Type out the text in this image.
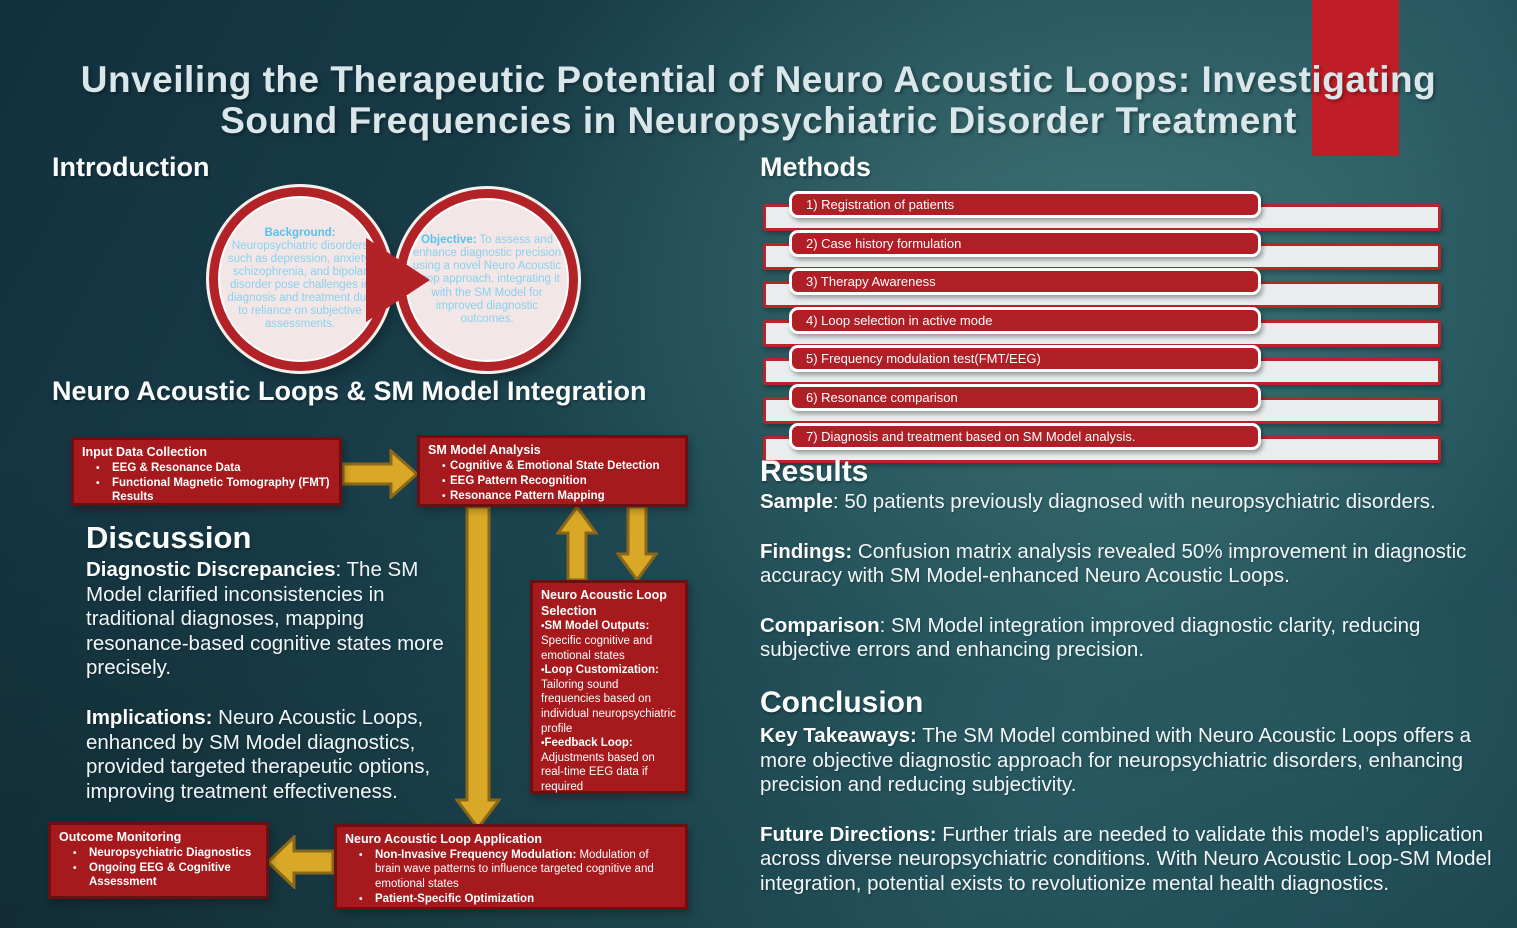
Unveiling the Therapeutic Potential of Neuro Acoustic Loops: Investigating
Sound Frequencies in Neuropsychiatric Disorder Treatment
Introduction
Neuro Acoustic Loops & SM Model Integration
Discussion
Background: Neuropsychiatric disorders such as depression, anxiety, schizophrenia, and bipolar disorder pose challenges in diagnosis and treatment due to reliance on subjective assessments.
Objective: To assess and enhance diagnostic precision using a novel Neuro Acoustic Loop approach, integrating it with the SM Model for improved diagnostic outcomes.
Methods
1) Registration of patients
2) Case history formulation
3) Therapy Awareness
4) Loop selection in active mode
5) Frequency modulation test(FMT/EEG)
6) Resonance comparison
7) Diagnosis and treatment based on SM Model analysis.
Input Data Collection
• EEG & Resonance Data
• Functional Magnetic Tomography (FMT) Results
SM Model Analysis
• Cognitive & Emotional State Detection
• EEG Pattern Recognition
• Resonance Pattern Mapping
Neuro Acoustic Loop Selection
• SM Model Outputs: Specific cognitive and emotional states
• Loop Customization: Tailoring sound frequencies based on individual neuropsychiatric profile
• Feedback Loop: Adjustments based on real-time EEG data if required
Outcome Monitoring
• Neuropsychiatric Diagnostics
• Ongoing EEG & Cognitive Assessment
Neuro Acoustic Loop Application
• Non-Invasive Frequency Modulation: Modulation of brain wave patterns to influence targeted cognitive and emotional states
• Patient-Specific Optimization

Diagnostic Discrepancies: The SM Model clarified inconsistencies in traditional diagnoses, mapping resonance-based cognitive states more precisely.

Implications: Neuro Acoustic Loops, enhanced by SM Model diagnostics, provided targeted therapeutic options, improving treatment effectiveness.

Results

Sample: 50 patients previously diagnosed with neuropsychiatric disorders.

Findings: Confusion matrix analysis revealed 50% improvement in diagnostic accuracy with SM Model-enhanced Neuro Acoustic Loops.

Comparison: SM Model integration improved diagnostic clarity, reducing subjective errors and enhancing precision.

Conclusion

Key Takeaways: The SM Model combined with Neuro Acoustic Loops offers a more objective diagnostic approach for neuropsychiatric disorders, enhancing precision and reducing subjectivity.

Future Directions: Further trials are needed to validate this model’s application across diverse neuropsychiatric conditions. With Neuro Acoustic Loop-SM Model integration, potential exists to revolutionize mental health diagnostics.
